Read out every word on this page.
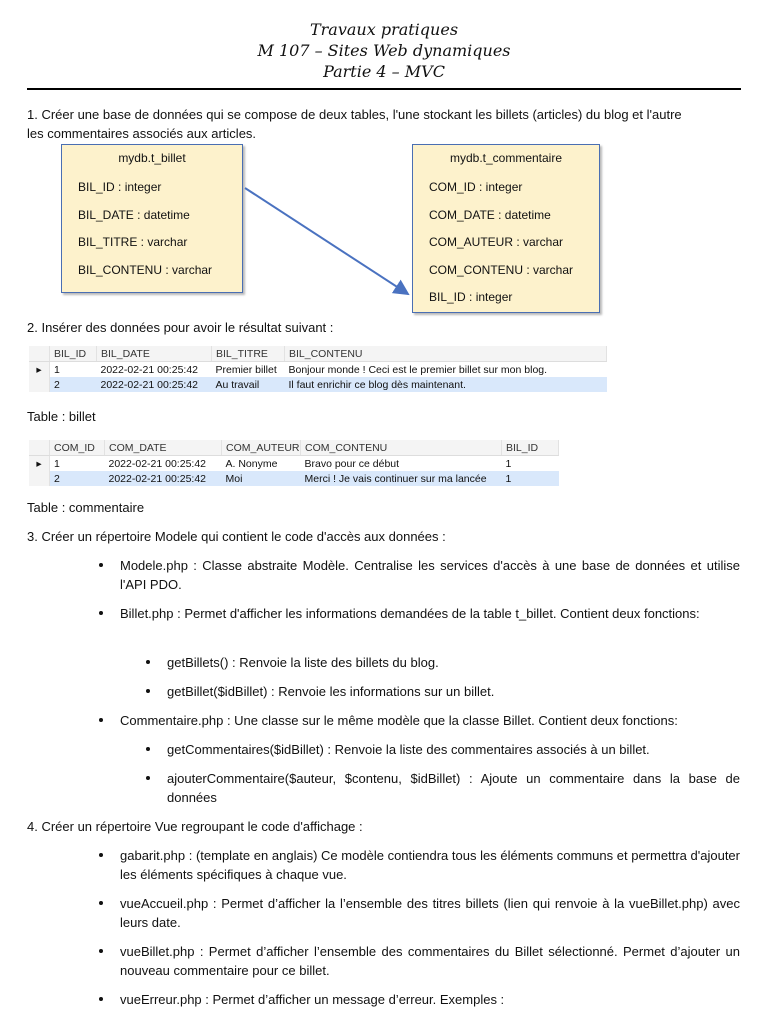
Travaux pratiques
M 107 – Sites Web dynamiques
Partie 4 – MVC
1. Créer une base de données qui se compose de deux tables, l'une stockant les billets (articles) du blog et l'autre
les commentaires associés aux articles.
mydb.t_billet
BIL_ID : integer
BIL_DATE : datetime
BIL_TITRE : varchar
BIL_CONTENU : varchar
mydb.t_commentaire
COM_ID : integer
COM_DATE : datetime
COM_AUTEUR : varchar
COM_CONTENU : varchar
BIL_ID : integer
2. Insérer des données pour avoir le résultat suivant :
	BIL_ID	BIL_DATE	BIL_TITRE	BIL_CONTENU
▸	1	2022-02-21 00:25:42	Premier billet	Bonjour monde ! Ceci est le premier billet sur mon blog.
	2	2022-02-21 00:25:42	Au travail	Il faut enrichir ce blog dès maintenant.
Table : billet
	COM_ID	COM_DATE	COM_AUTEUR	COM_CONTENU	BIL_ID
▸	1	2022-02-21 00:25:42	A. Nonyme	Bravo pour ce début	1
	2	2022-02-21 00:25:42	Moi	Merci ! Je vais continuer sur ma lancée	1
Table : commentaire
3. Créer un répertoire Modele qui contient le code d'accès aux données :
Modele.php : Classe abstraite Modèle. Centralise les services d'accès à une base de données et utilise l'API PDO.
Billet.php : Permet d'afficher les informations demandées de la table t_billet. Contient deux fonctions:
getBillets() : Renvoie la liste des billets du blog.
getBillet($idBillet) : Renvoie les informations sur un billet.
Commentaire.php : Une classe sur le même modèle que la classe Billet. Contient deux fonctions:
getCommentaires($idBillet) : Renvoie la liste des commentaires associés à un billet.
ajouterCommentaire($auteur, $contenu, $idBillet) : Ajoute un commentaire dans la base de données
4. Créer un répertoire Vue regroupant le code d'affichage :
gabarit.php : (template en anglais) Ce modèle contiendra tous les éléments communs et permettra d'ajouter les éléments spécifiques à chaque vue.
vueAccueil.php : Permet d’afficher la l’ensemble des titres billets (lien qui renvoie à la vueBillet.php) avec leurs date.
vueBillet.php : Permet d’afficher l’ensemble des commentaires du Billet sélectionné. Permet d’ajouter un nouveau commentaire pour ce billet.
vueErreur.php : Permet d’afficher un message d’erreur. Exemples :
